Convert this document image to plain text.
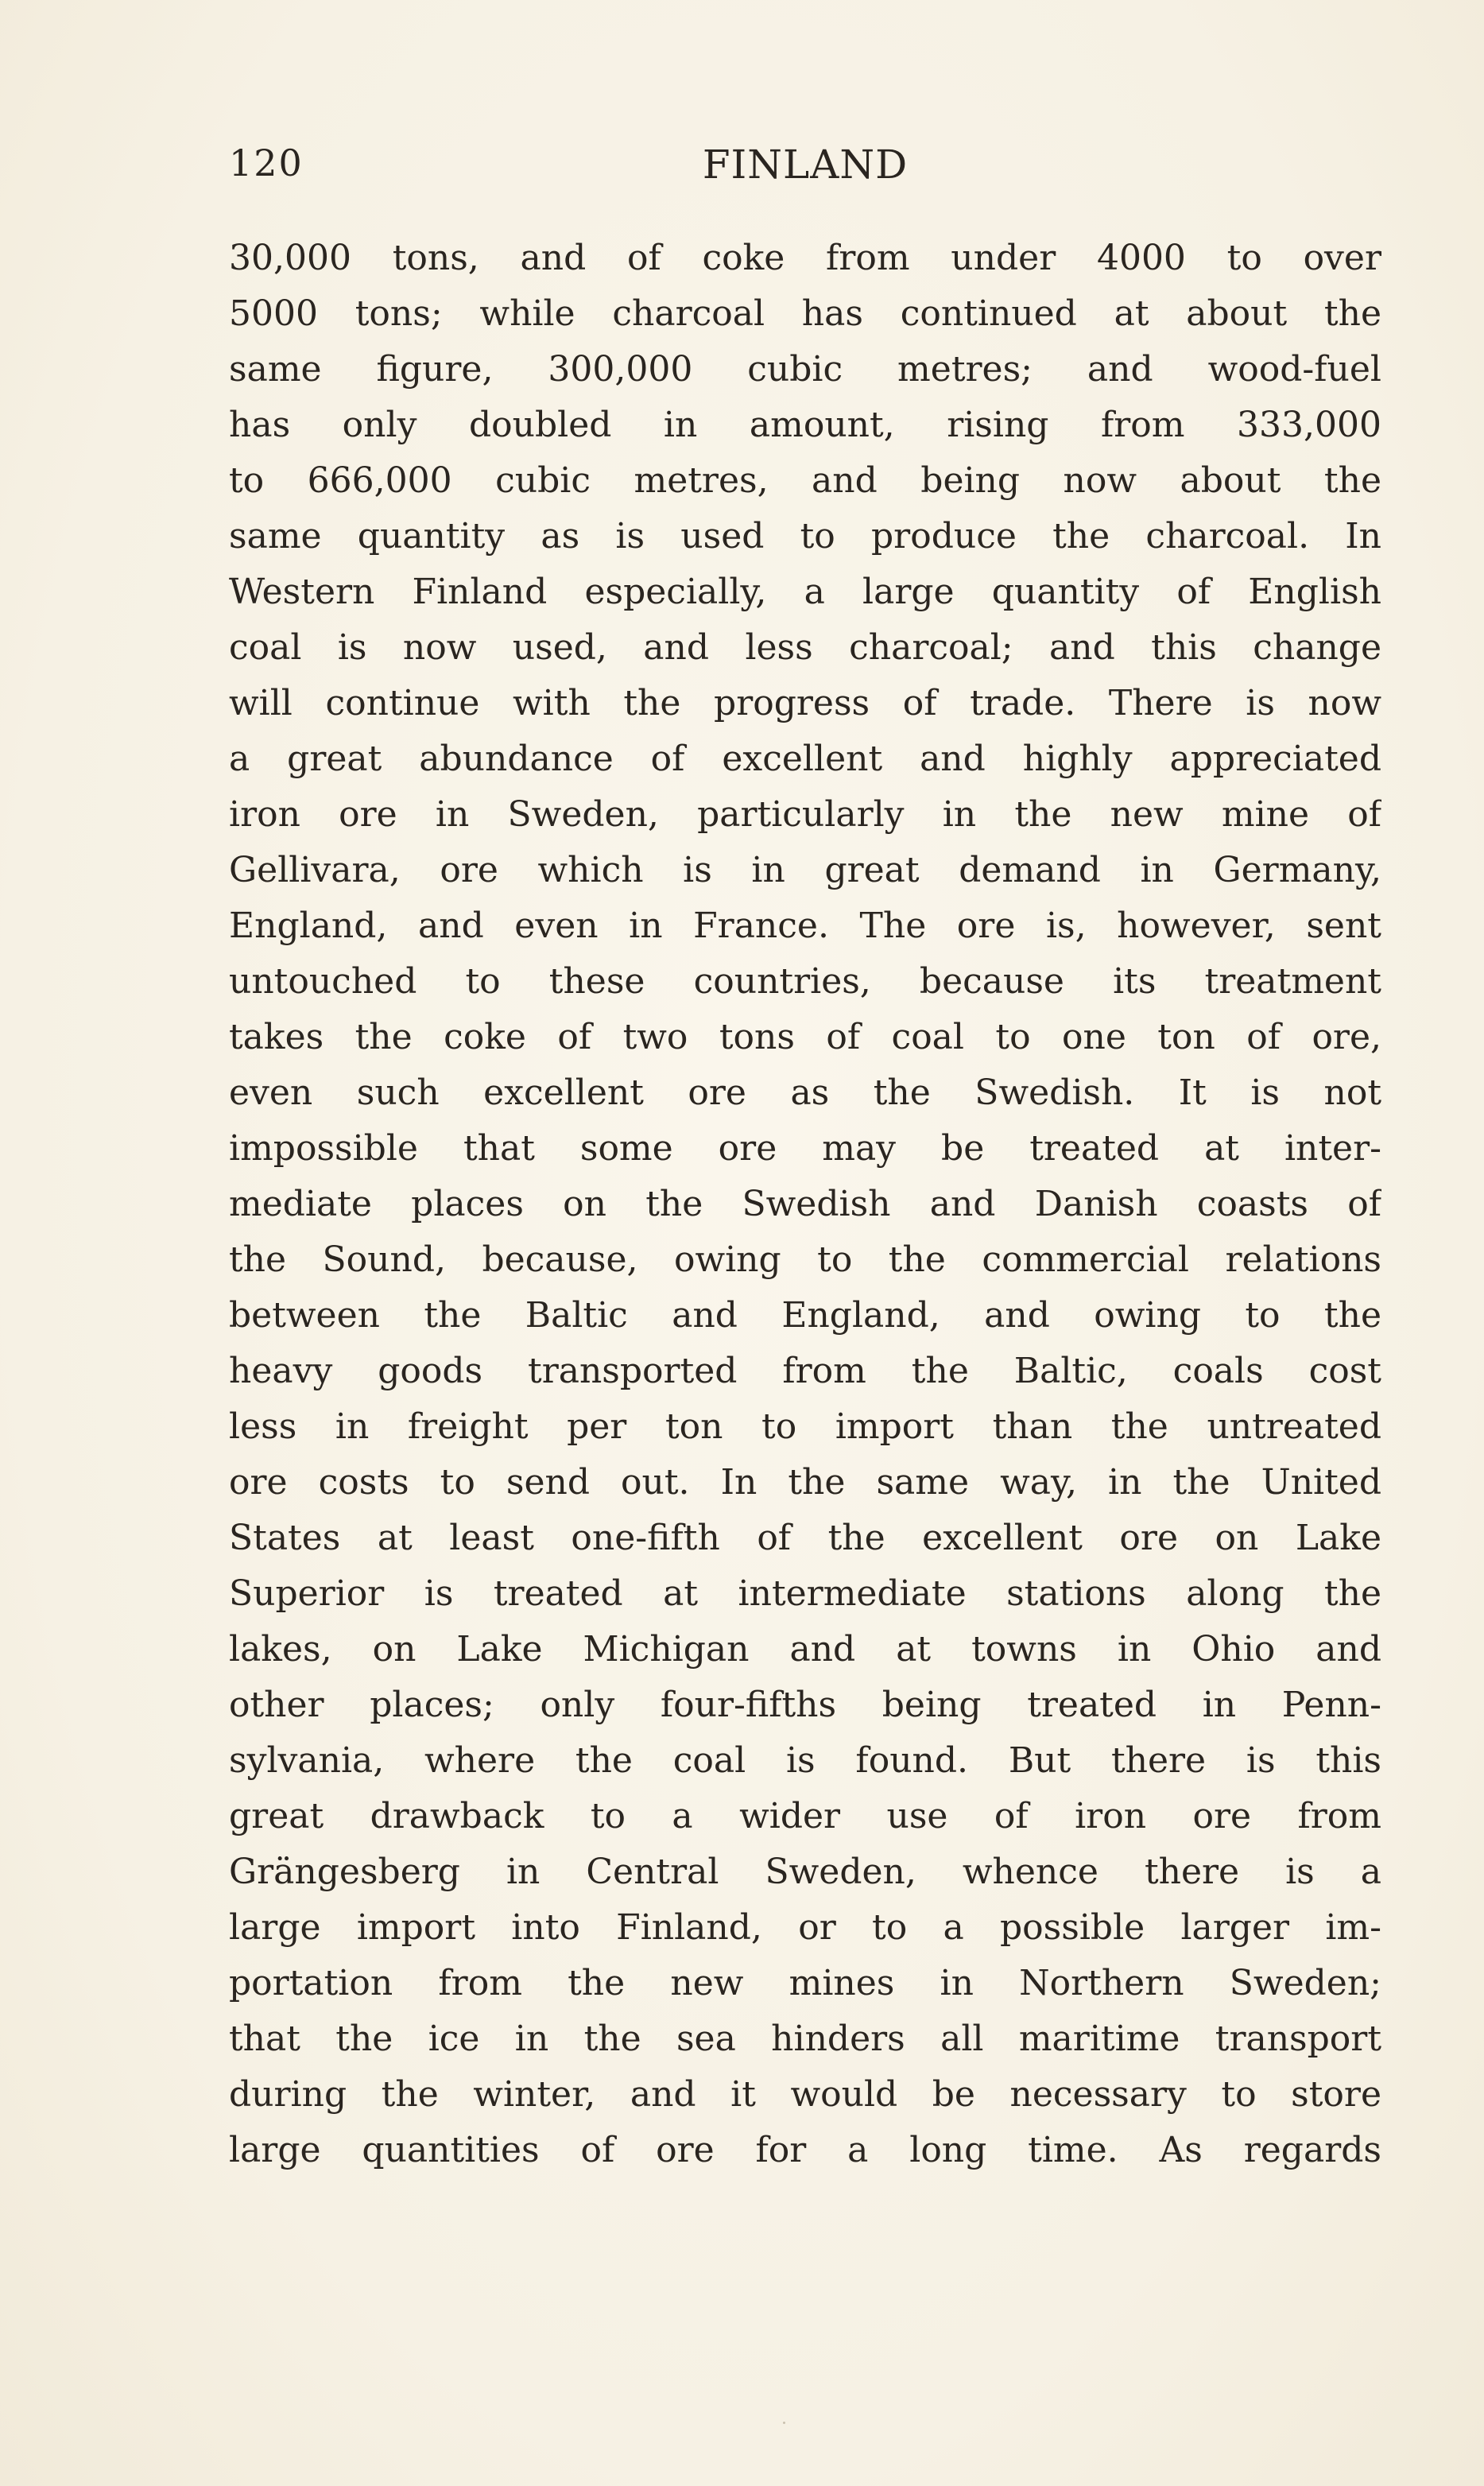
120	FINLAND
30,000 tons, and of coke from under 4000 to over
5000 tons; while charcoal has continued at about the
same figure, 300,000 cubic metres; and wood-fuel
has only doubled in amount, rising from 333,000
to 666,000 cubic metres, and being now about the
same quantity as is used to produce the charcoal. In
Western Finland especially, a large quantity of English
coal is now used, and less charcoal; and this change
will continue with the progress of trade. There is now
a great abundance of excellent and highly appreciated
iron ore in Sweden, particularly in the new mine of
Gellivara, ore which is in great demand in Germany,
England, and even in France. The ore is, however, sent
untouched to these countries, because its treatment
takes the coke of two tons of coal to one ton of ore,
even such excellent ore as the Swedish. It is not
impossible that some ore may be treated at inter-
mediate places on the Swedish and Danish coasts of
the Sound, because, owing to the commercial relations
between the Baltic and England, and owing to the
heavy goods transported from the Baltic, coals cost
less in freight per ton to import than the untreated
ore costs to send out. In the same way, in the United
States at least one-fifth of the excellent ore on Lake
Superior is treated at intermediate stations along the
lakes, on Lake Michigan and at towns in Ohio and
other places; only four-fifths being treated in Penn-
sylvania, where the coal is found. But there is this
great drawback to a wider use of iron ore from
Grängesberg in Central Sweden, whence there is a
large import into Finland, or to a possible larger im-
portation from the new mines in Northern Sweden;
that the ice in the sea hinders all maritime transport
during the winter, and it would be necessary to store
large quantities of ore for a long time. As regards
